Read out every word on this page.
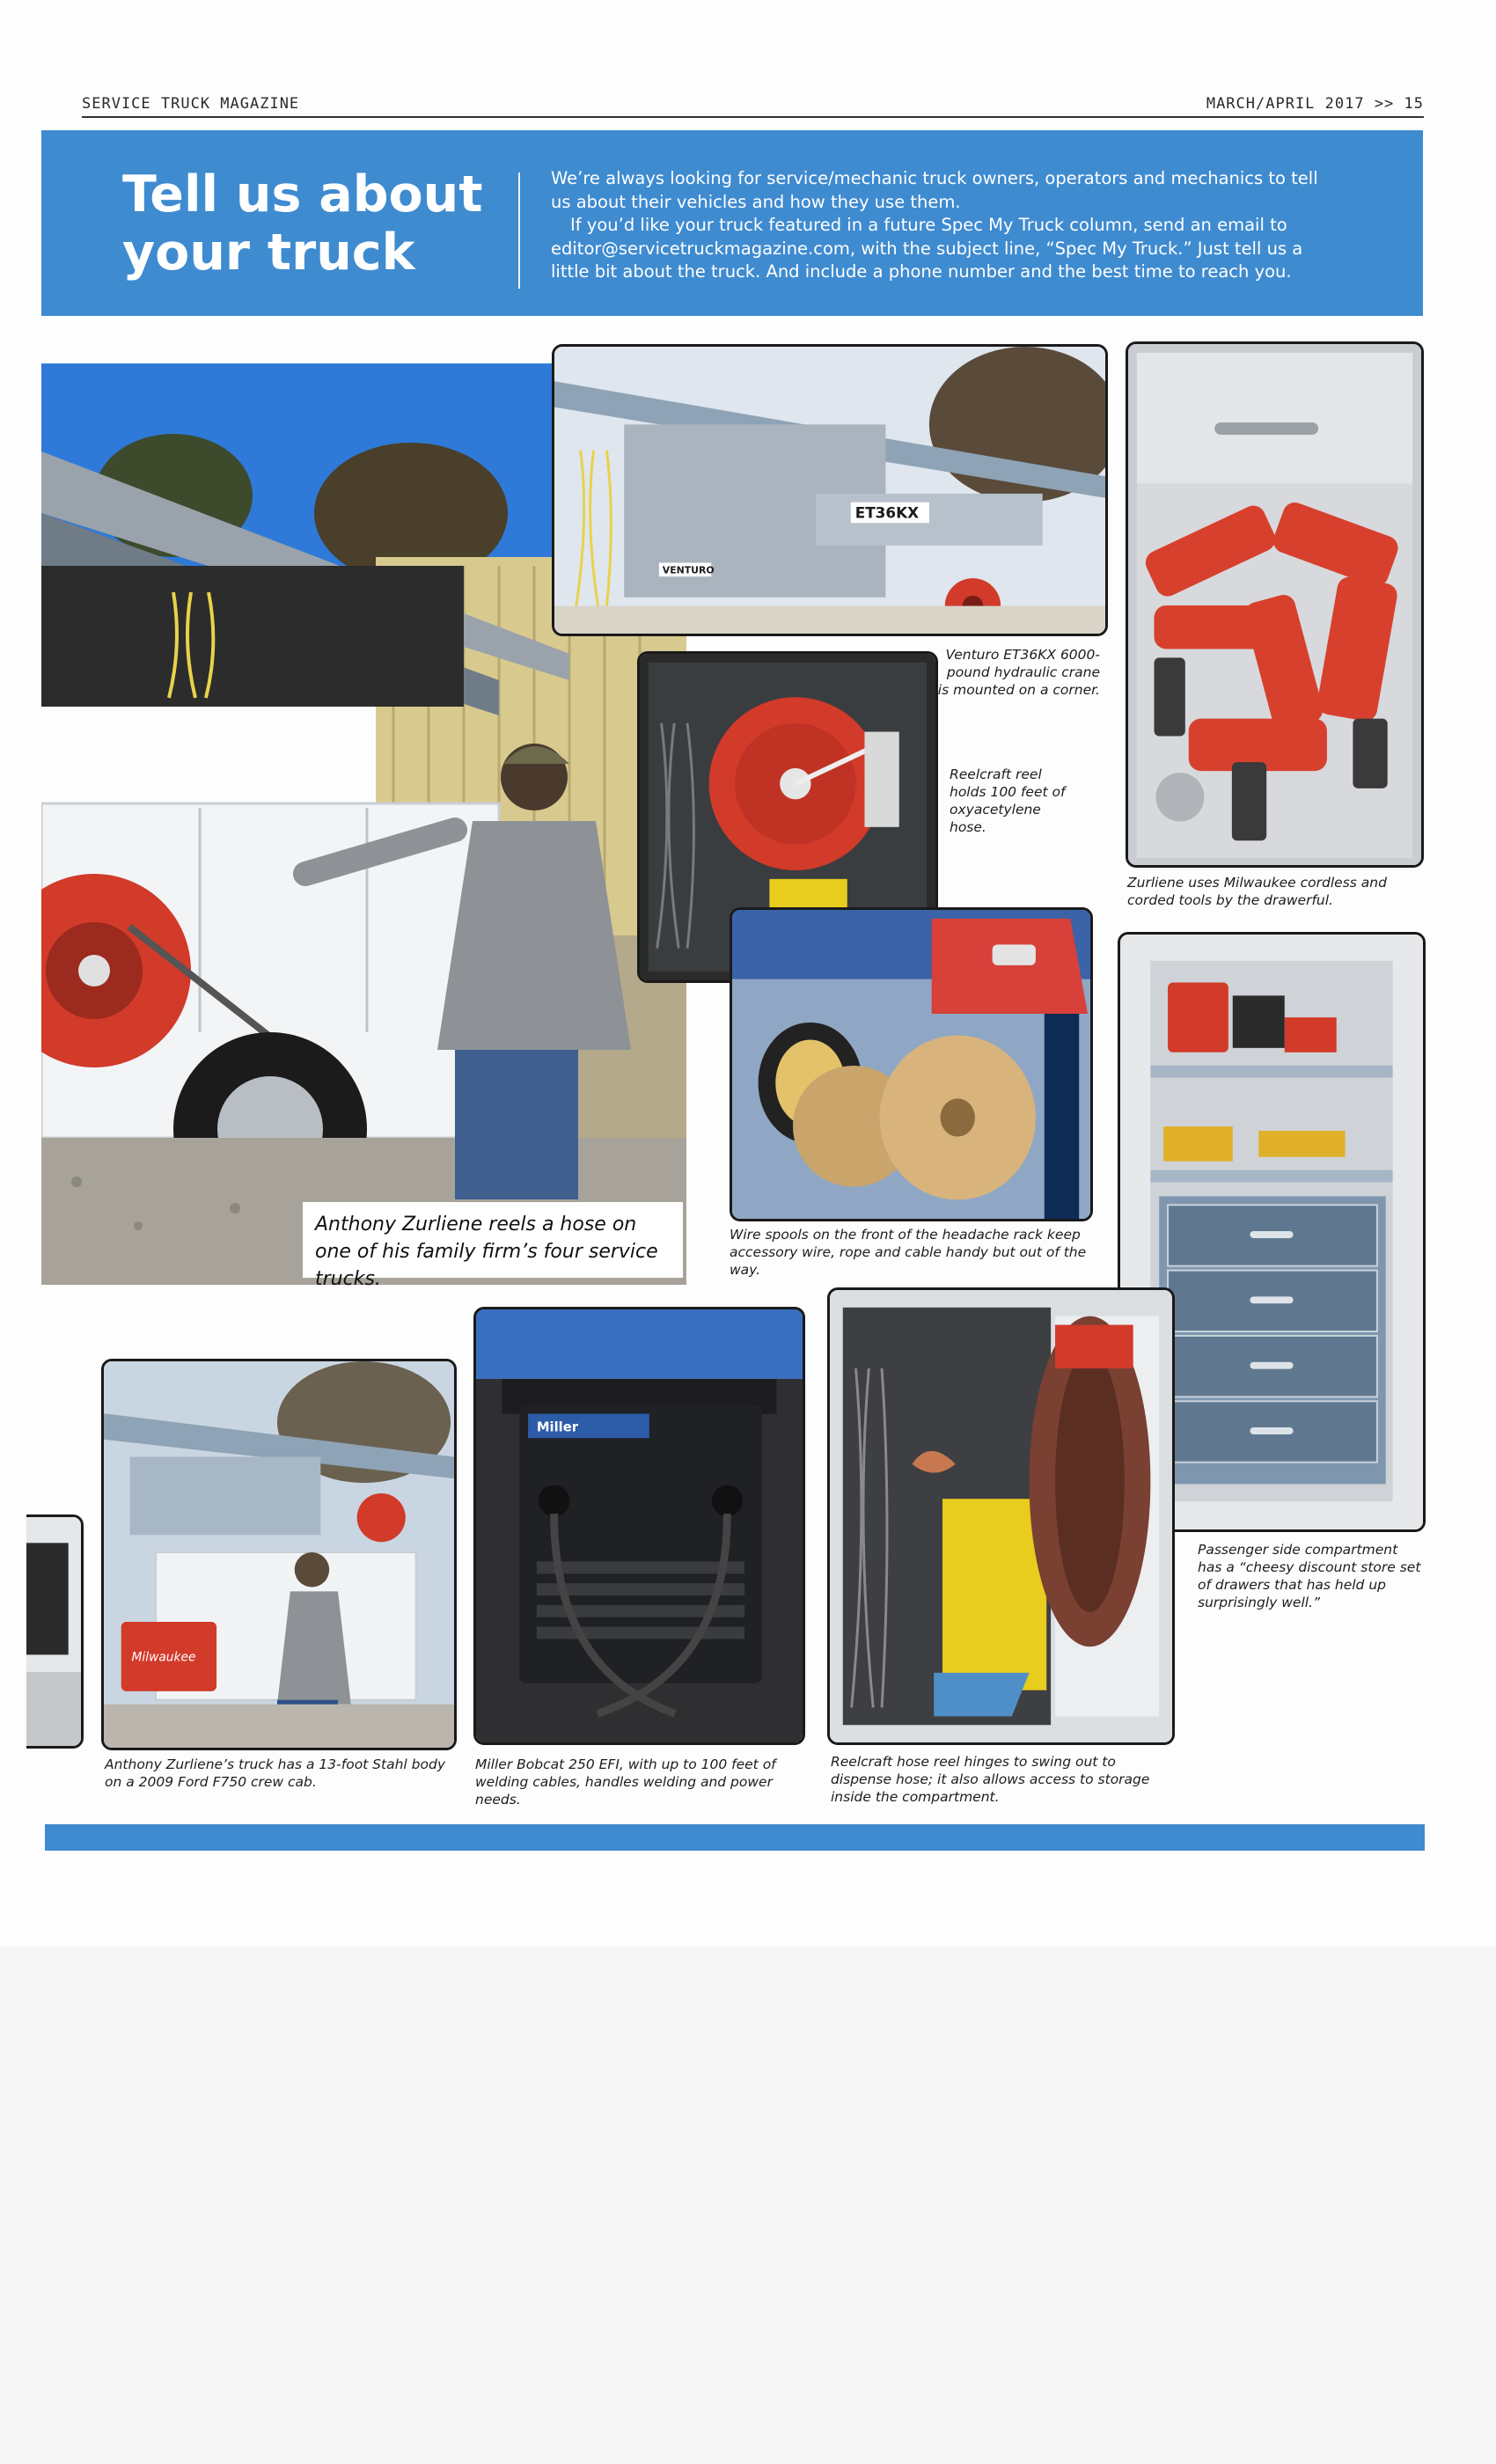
SERVICE TRUCK MAGAZINE	MARCH/APRIL 2017 >> 15
Tell us about
your truck

We’re always looking for service/mechanic truck owners, operators and mechanics to tell us about their vehicles and how they use them.

If you’d like your truck featured in a future Spec My Truck column, send an email to editor@servicetruckmagazine.com, with the subject line, “Spec My Truck.” Just tell us a little bit about the truck. And include a phone number and the best time to reach you.

Anthony Zurliene reels a hose on one of his family firm’s four service trucks.
ET36KX
VENTURO

Venturo ET36KX 6000-pound hydraulic crane is mounted on a corner.

Zurliene uses Milwaukee cordless and corded tools by the drawerful.

Reelcraft reel holds 100 feet of oxyacetylene hose.

Wire spools on the front of the headache rack keep accessory wire, rope and cable handy but out of the way.

Passenger side compartment has a “cheesy discount store set of drawers that has held up surprisingly well.”

Milwaukee

Anthony Zurliene’s truck has a 13-foot Stahl body on a 2009 Ford F750 crew cab.

Miller

Miller Bobcat 250 EFI, with up to 100 feet of welding cables, handles welding and power needs.

Reelcraft hose reel hinges to swing out to dispense hose; it also allows access to storage inside the compartment.
